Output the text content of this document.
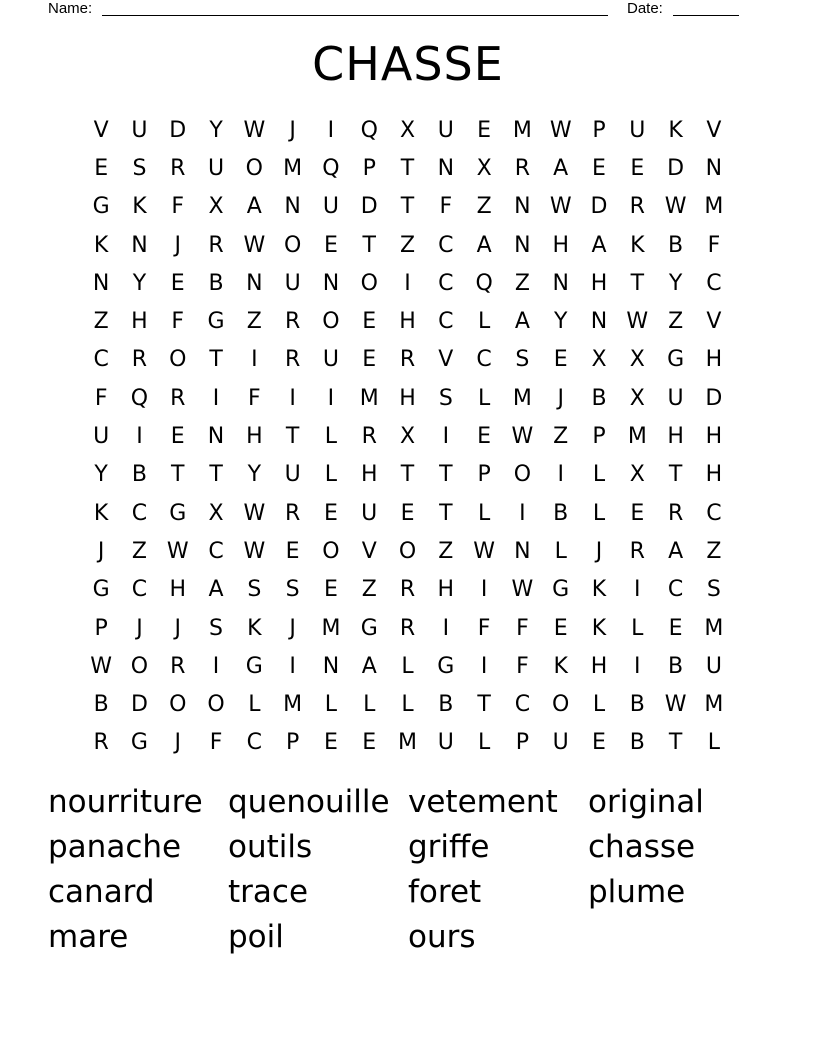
Name:	Date:
CHASSE
V	U D	Y W	J	I	Q	X	U	E M W P	U	K	V
E	S	R	U O M Q	P	T	N	X	R	A	E	E	D N
G	K	F	X	A	N	U D	T	F	Z	N W D	R W M
K	N	J	R W O	E	T	Z	C	A	N H	A	K	B	F
N	Y	E	B	N	U	N O	I	C Q	Z	N H	T	Y	C
Z	H	F	G	Z	R O	E	H	C	L	A	Y	N W Z	V
C	R O	T	I	R	U	E	R	V	C	S	E	X	X	G H
F	Q R	I	F	I	I	M H	S	L	M	J	B	X	U D
U	I	E	N H	T	L	R	X	I	E W Z	P	M H H
Y	B	T	T	Y	U	L	H	T	T	P	O	I	L	X	T	H
K	C	G	X W R	E	U	E	T	L	I	B	L	E	R	C
J	Z W C W E	O	V	O	Z W N	L	J	R	A	Z
G	C	H	A	S	S	E	Z	R	H	I	W G	K	I	C	S
P	J	J	S	K	J	M G	R	I	F	F	E	K	L	E M
W O R	I	G	I	N	A	L	G	I	F	K	H	I	B	U
B	D O O	L	M	L	L	L	B	T	C O	L	B W M
R	G	J	F	C	P	E	E M U	L	P	U	E	B	T	L
nourriture quenouille vetement original
panache	outils	griffe	chasse
canard	trace	foret	plume
mare	poil	ours
